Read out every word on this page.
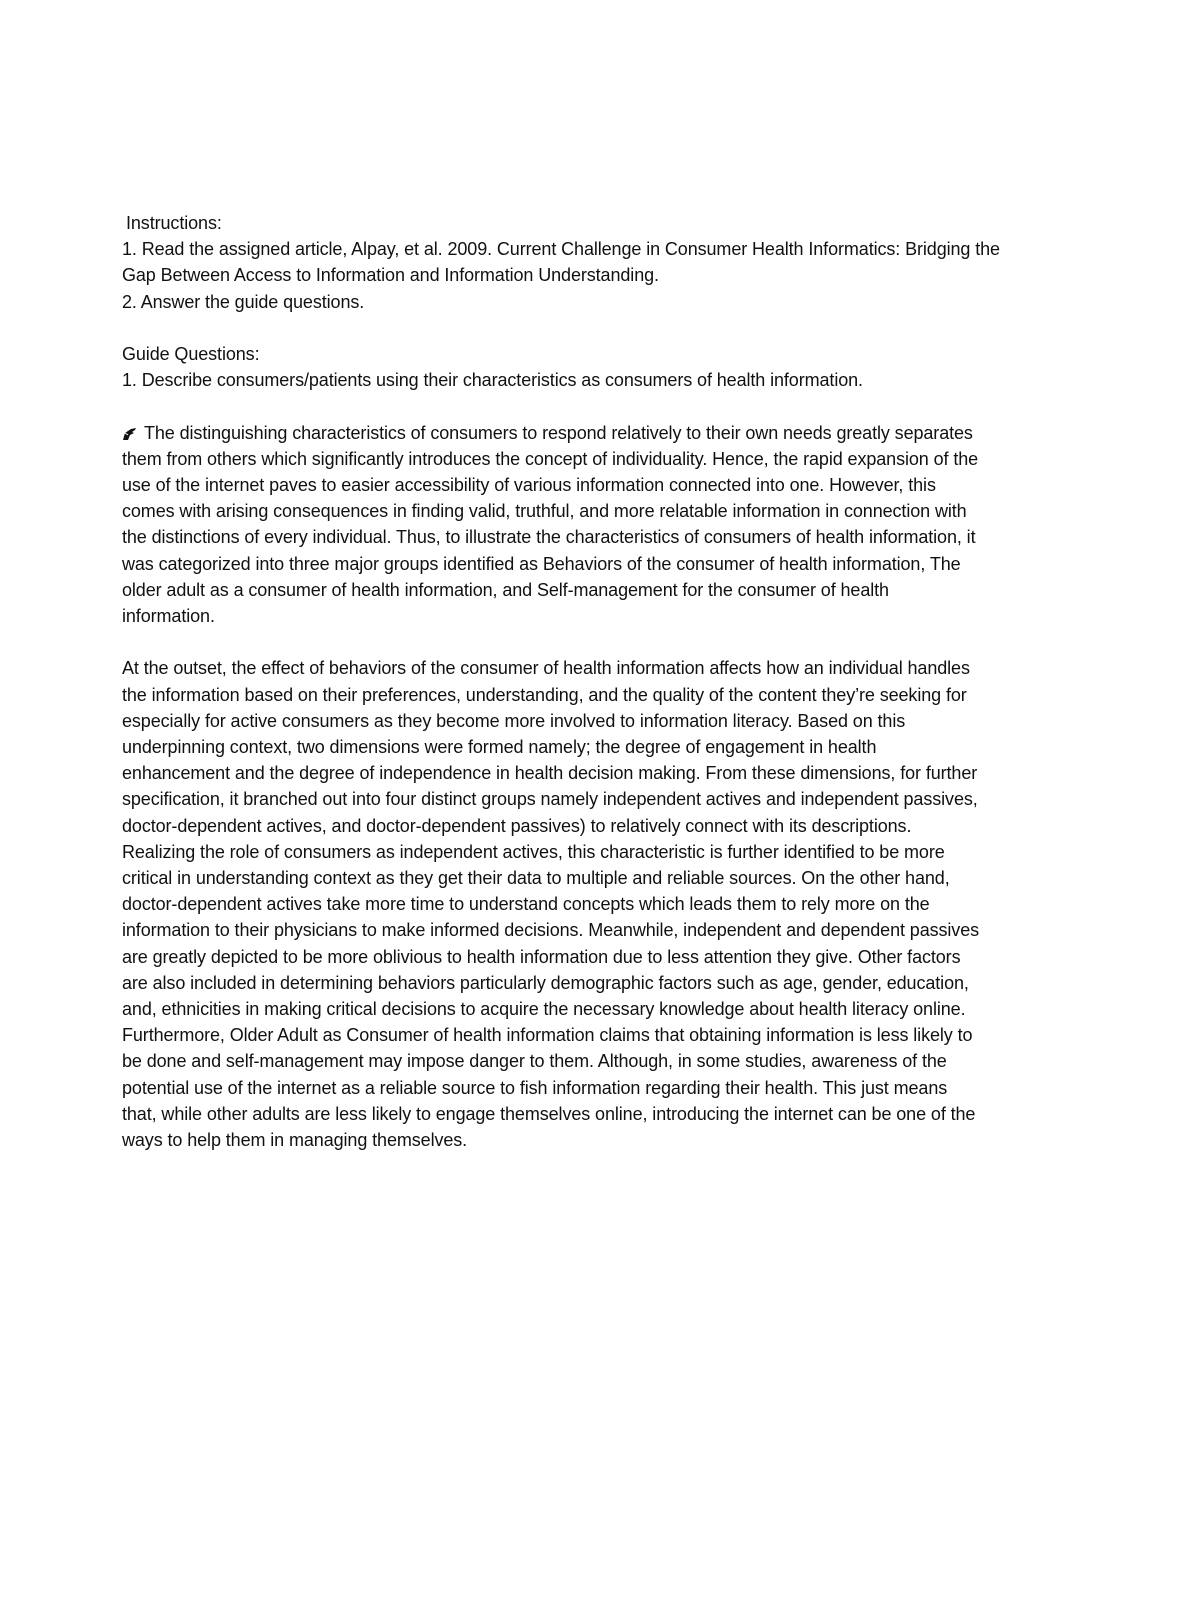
Instructions:

1. Read the assigned article, Alpay, et al. 2009. Current Challenge in Consumer Health Informatics: Bridging the

Gap Between Access to Information and Information Understanding.

2. Answer the guide questions.

Guide Questions:

1. Describe consumers/patients using their characteristics as consumers of health information.

The distinguishing characteristics of consumers to respond relatively to their own needs greatly separates

them from others which significantly introduces the concept of individuality. Hence, the rapid expansion of the

use of the internet paves to easier accessibility of various information connected into one. However, this

comes with arising consequences in finding valid, truthful, and more relatable information in connection with

the distinctions of every individual. Thus, to illustrate the characteristics of consumers of health information, it

was categorized into three major groups identified as Behaviors of the consumer of health information, The

older adult as a consumer of health information, and Self-management for the consumer of health

information.

At the outset, the effect of behaviors of the consumer of health information affects how an individual handles

the information based on their preferences, understanding, and the quality of the content they’re seeking for

especially for active consumers as they become more involved to information literacy. Based on this

underpinning context, two dimensions were formed namely; the degree of engagement in health

enhancement and the degree of independence in health decision making. From these dimensions, for further

specification, it branched out into four distinct groups namely independent actives and independent passives,

doctor-dependent actives, and doctor-dependent passives) to relatively connect with its descriptions.

Realizing the role of consumers as independent actives, this characteristic is further identified to be more

critical in understanding context as they get their data to multiple and reliable sources. On the other hand,

doctor-dependent actives take more time to understand concepts which leads them to rely more on the

information to their physicians to make informed decisions. Meanwhile, independent and dependent passives

are greatly depicted to be more oblivious to health information due to less attention they give. Other factors

are also included in determining behaviors particularly demographic factors such as age, gender, education,

and, ethnicities in making critical decisions to acquire the necessary knowledge about health literacy online.

Furthermore, Older Adult as Consumer of health information claims that obtaining information is less likely to

be done and self-management may impose danger to them. Although, in some studies, awareness of the

potential use of the internet as a reliable source to fish information regarding their health. This just means

that, while other adults are less likely to engage themselves online, introducing the internet can be one of the

ways to help them in managing themselves.
